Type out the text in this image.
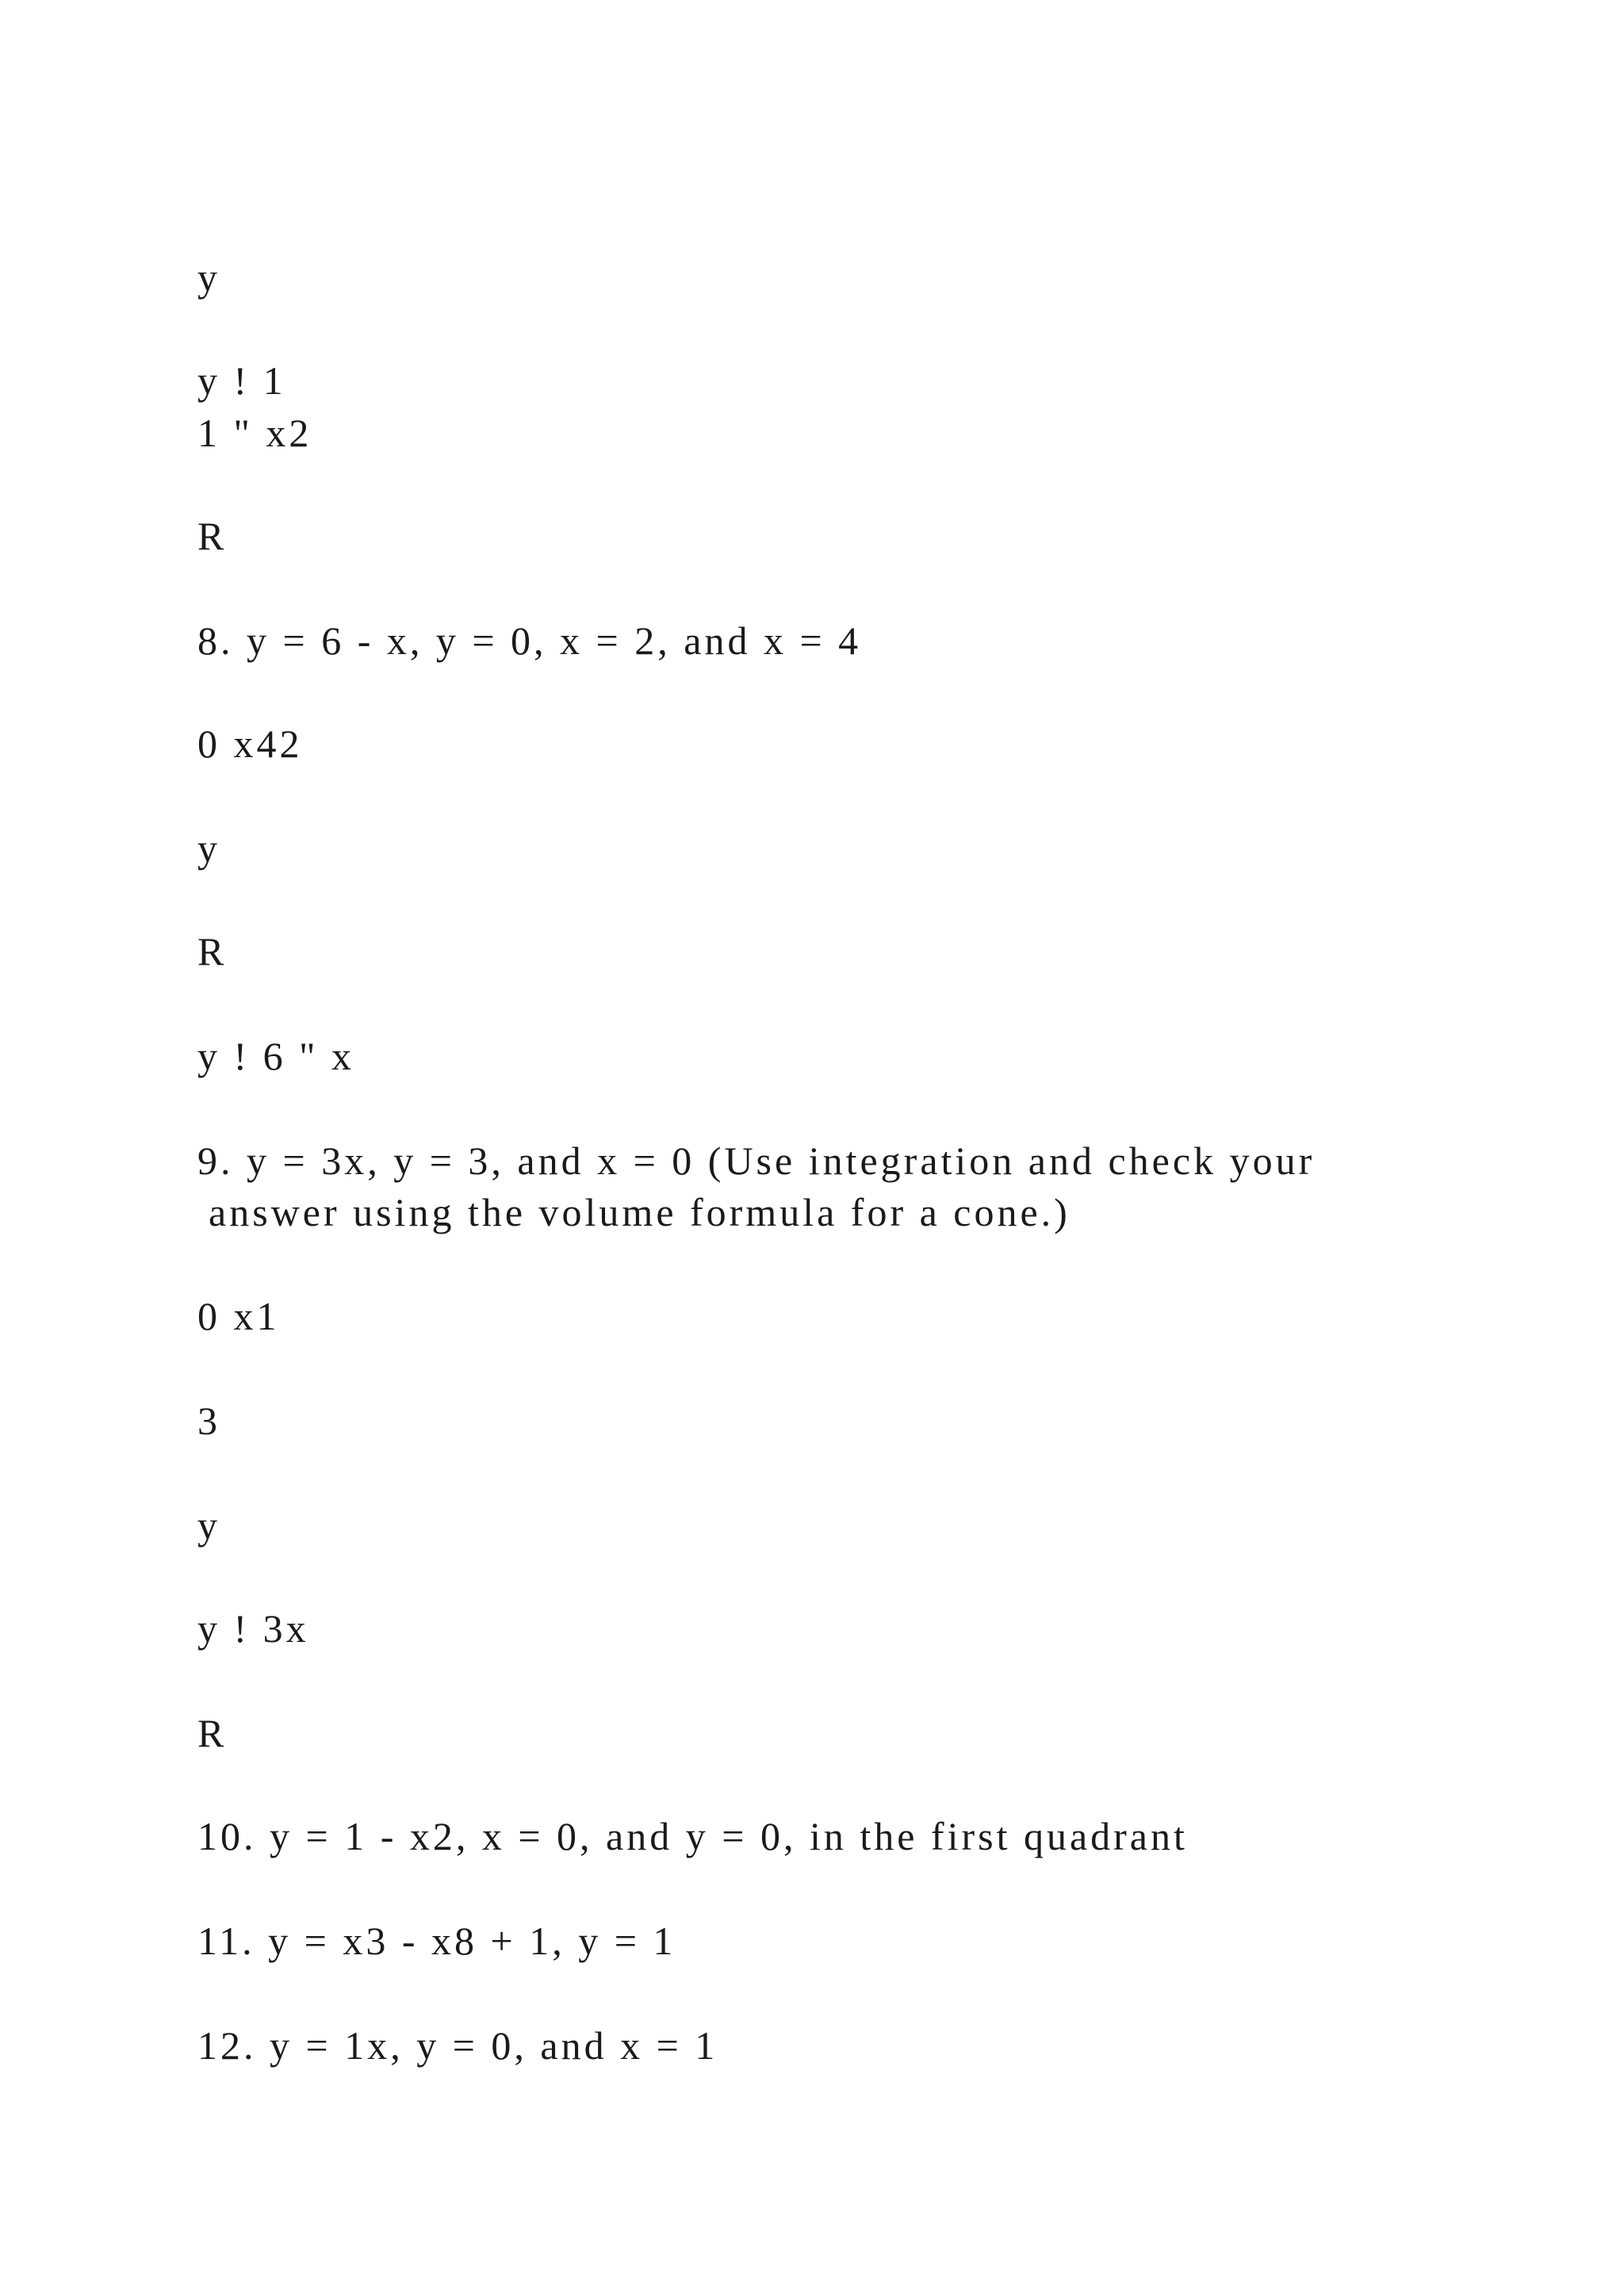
y

y ! 1

1 " x2

R

8. y = 6 - x, y = 0, x = 2, and x = 4

0 x42

y

R

y ! 6 " x

9. y = 3x, y = 3, and x = 0 (Use integration and check your

answer using the volume formula for a cone.)

0 x1

3

y

y ! 3x

R

10. y = 1 - x2, x = 0, and y = 0, in the first quadrant

11. y = x3 - x8 + 1, y = 1

12. y = 1x, y = 0, and x = 1
